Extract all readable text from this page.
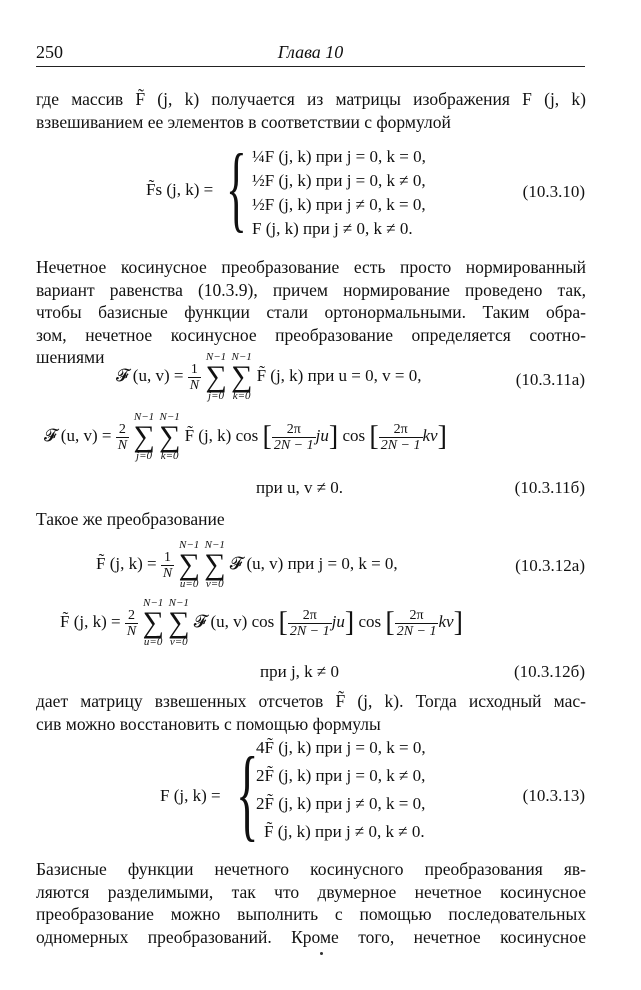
250	Глава 10
где массив F̃ (j, k) получается из матрицы изображения F (j, k)
взвешиванием ее элементов в соответствии с формулой
F̃s (j, k) = { ¼F (j, k) при j = 0, k = 0,
½F (j, k) при j = 0, k ≠ 0,
½F (j, k) при j ≠ 0, k = 0,
F (j, k) при j ≠ 0, k ≠ 0.
(10.3.10)
Нечетное косинусное преобразование есть просто нормированный
вариант равенства (10.3.9), причем нормирование проведено так,
чтобы базисные функции стали ортонормальными. Таким обра-
зом, нечетное косинусное преобразование определяется соотно-
шениями
𝓕 (u, $v) = \frac{1}{N}$

N−1
∑
j=0

N−1
∑
k=0
F̃ (j, k) при u = 0, v = 0,	(10.3.11а)
𝓕 (u, $v) = \frac{2}{N}$

N−1
∑
j=0

N−1
∑
k=0
F̃ (j, k) cos [ $\frac{2\pi}{2N - 1} ju$] cos [ $\frac{2\pi}{2N - 1} kv$]
при u, v ≠ 0.	(10.3.11б)
Такое же преобразование
F̃ (j, $k) = \frac{1}{N}$

N−1
∑
u=0

N−1
∑
v=0
𝓕 (u, v) при j = 0, k = 0,	(10.3.12а)
F̃ (j, $k) = \frac{2}{N}$

N−1
∑
u=0

N−1
∑
v=0
𝓕 (u, v) cos [ $\frac{2\pi}{2N - 1} ju$] cos [ $\frac{2\pi}{2N - 1} kv$]
при j, k ≠ 0	(10.3.12б)
дает матрицу взвешенных отсчетов F̃ (j, k). Тогда исходный мас-
сив можно восстановить с помощью формулы
F (j, k) = {
4F̃ (j, k) при j = 0, k = 0,
2F̃ (j, k) при j = 0, k ≠ 0,
2F̃ (j, k) при j ≠ 0, k = 0,
F̃ (j, k) при j ≠ 0, k ≠ 0.
(10.3.13)
Базисные функции нечетного косинусного преобразования яв-
ляются разделимыми, так что двумерное нечетное косинусное
преобразование можно выполнить с помощью последовательных
одномерных преобразований. Кроме того, нечетное косинусное
